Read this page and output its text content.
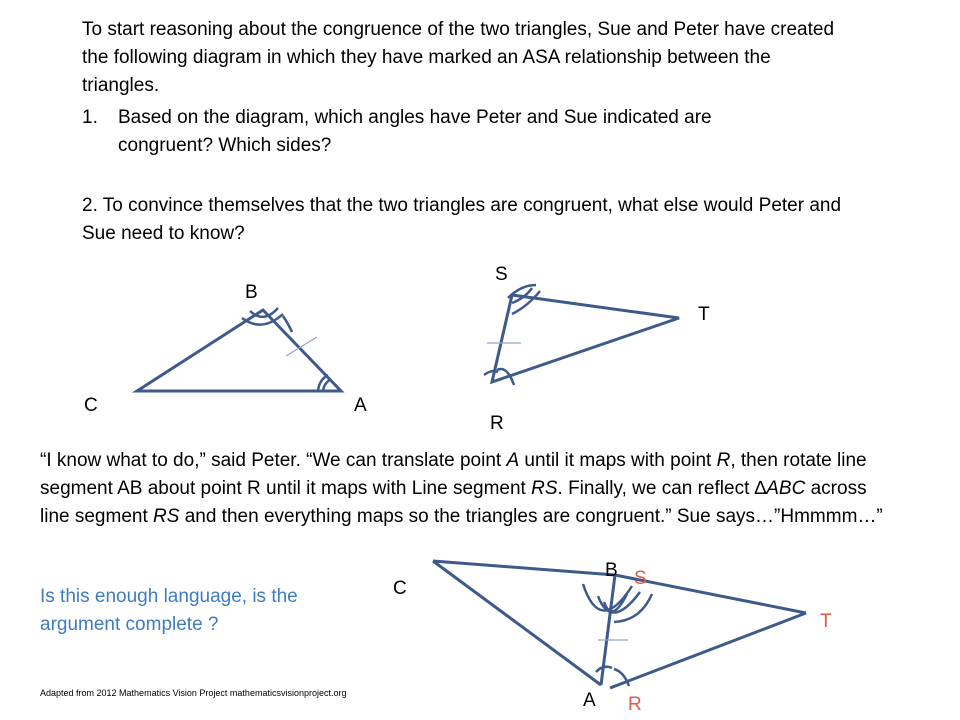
To start reasoning about the congruence of the two triangles, Sue and Peter have created the following diagram in which they have marked an ASA relationship between the triangles.

1.	Based on the diagram, which angles have Peter and Sue indicated are congruent? Which sides?

2. To convince themselves that the two triangles are congruent, what else would Peter and Sue need to know?

B
C	A
S
T
R

“I know what to do,” said Peter. “We can translate point A until it maps with point R, then rotate line segment AB about point R until it maps with Line segment RS. Finally, we can reflect ∆ABC across line segment RS and then everything maps so the triangles are congruent.” Sue says…”Hmmmm…”

Is this enough language, is the argument complete ?
C
B S
T
A R
Adapted from 2012 Mathematics Vision Project mathematicsvisionproject.org
